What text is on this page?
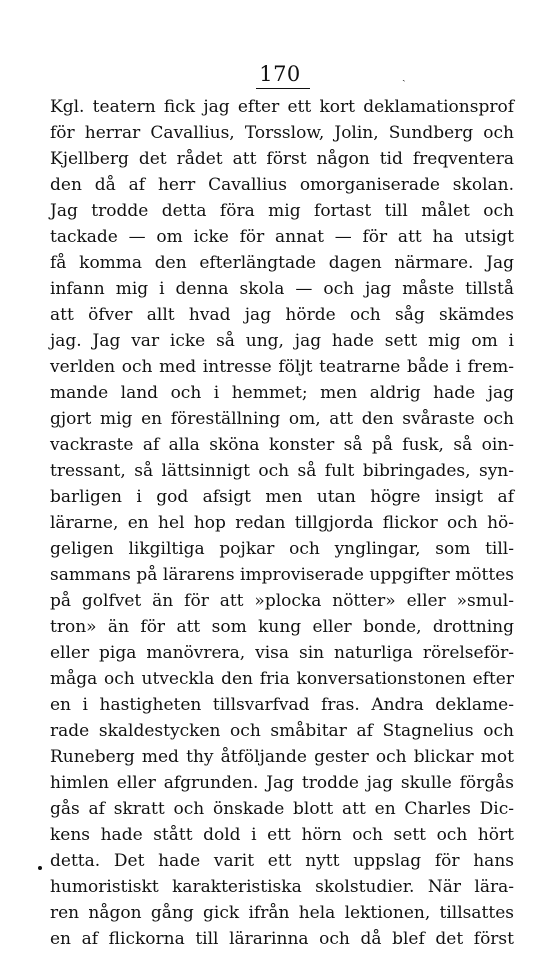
170	ˎ
Kgl. teatern fick jag efter ett kort deklamationsprof
för herrar Cavallius, Torsslow, Jolin, Sundberg och
Kjellberg det rådet att först någon tid freqventera
den då af herr Cavallius omorganiserade skolan.
Jag trodde detta föra mig fortast till målet och
tackade — om icke för annat — för att ha utsigt
få komma den efterlängtade dagen närmare. Jag
infann mig i denna skola — och jag måste tillstå
att öfver allt hvad jag hörde och såg skämdes
jag. Jag var icke så ung, jag hade sett mig om i
verlden och med intresse följt teatrarne både i frem-
mande land och i hemmet; men aldrig hade jag
gjort mig en föreställning om, att den svåraste och
vackraste af alla sköna konster så på fusk, så oin-
tressant, så lättsinnigt och så fult bibringades, syn-
barligen i god afsigt men utan högre insigt af
lärarne, en hel hop redan tillgjorda flickor och hö-
geligen likgiltiga pojkar och ynglingar, som till-
sammans på lärarens improviserade uppgifter möttes
på golfvet än för att »plocka nötter» eller »smul-
tron» än för att som kung eller bonde, drottning
eller piga manövrera, visa sin naturliga rörelseför-
måga och utveckla den fria konversationstonen efter
en i hastigheten tillsvarfvad fras. Andra deklame-
rade skaldestycken och småbitar af Stagnelius och
Runeberg med thy åtföljande gester och blickar mot
himlen eller afgrunden. Jag trodde jag skulle förgås
gås af skratt och önskade blott att en Charles Dic-
kens hade stått dold i ett hörn och sett och hört
detta. Det hade varit ett nytt uppslag för hans
humoristiskt karakteristiska skolstudier. När lära-
ren någon gång gick ifrån hela lektionen, tillsattes
en af flickorna till lärarinna och då blef det först
